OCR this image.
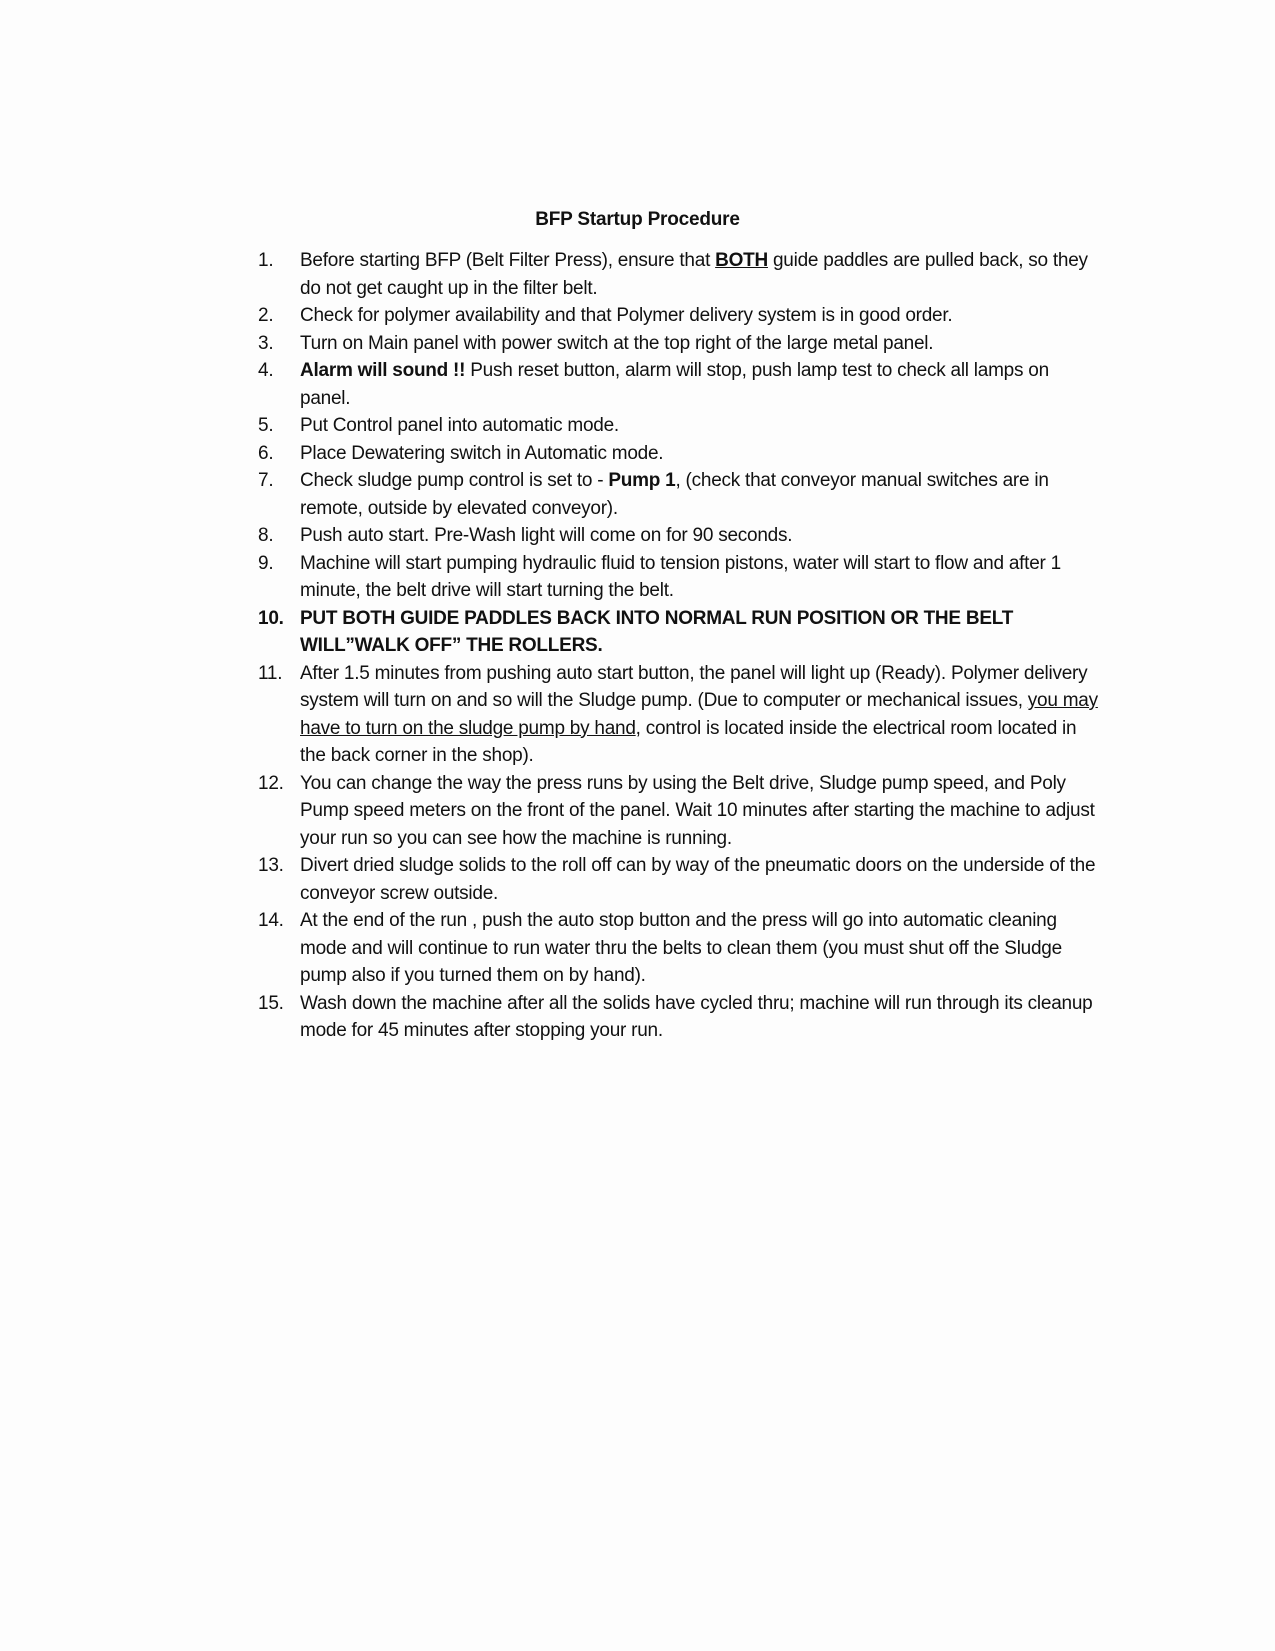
BFP Startup Procedure
1. Before starting BFP (Belt Filter Press), ensure that BOTH guide paddles are pulled back, so they do not get caught up in the filter belt.
2. Check for polymer availability and that Polymer delivery system is in good order.
3. Turn on Main panel with power switch at the top right of the large metal panel.
4. Alarm will sound !! Push reset button, alarm will stop, push lamp test to check all lamps on panel.
5. Put Control panel into automatic mode.
6. Place Dewatering switch in Automatic mode.
7. Check sludge pump control is set to - Pump 1, (check that conveyor manual switches are in remote, outside by elevated conveyor).
8. Push auto start. Pre-Wash light will come on for 90 seconds.
9. Machine will start pumping hydraulic fluid to tension pistons, water will start to flow and after 1 minute, the belt drive will start turning the belt.
10. PUT BOTH GUIDE PADDLES BACK INTO NORMAL RUN POSITION OR THE BELT WILL”WALK OFF” THE ROLLERS.
11. After 1.5 minutes from pushing auto start button, the panel will light up (Ready). Polymer delivery system will turn on and so will the Sludge pump. (Due to computer or mechanical issues, you may have to turn on the sludge pump by hand, control is located inside the electrical room located in the back corner in the shop).
12. You can change the way the press runs by using the Belt drive, Sludge pump speed, and Poly Pump speed meters on the front of the panel. Wait 10 minutes after starting the machine to adjust your run so you can see how the machine is running.
13. Divert dried sludge solids to the roll off can by way of the pneumatic doors on the underside of the conveyor screw outside.
14. At the end of the run , push the auto stop button and the press will go into automatic cleaning mode and will continue to run water thru the belts to clean them (you must shut off the Sludge pump also if you turned them on by hand).
15. Wash down the machine after all the solids have cycled thru; machine will run through its cleanup mode for 45 minutes after stopping your run.
